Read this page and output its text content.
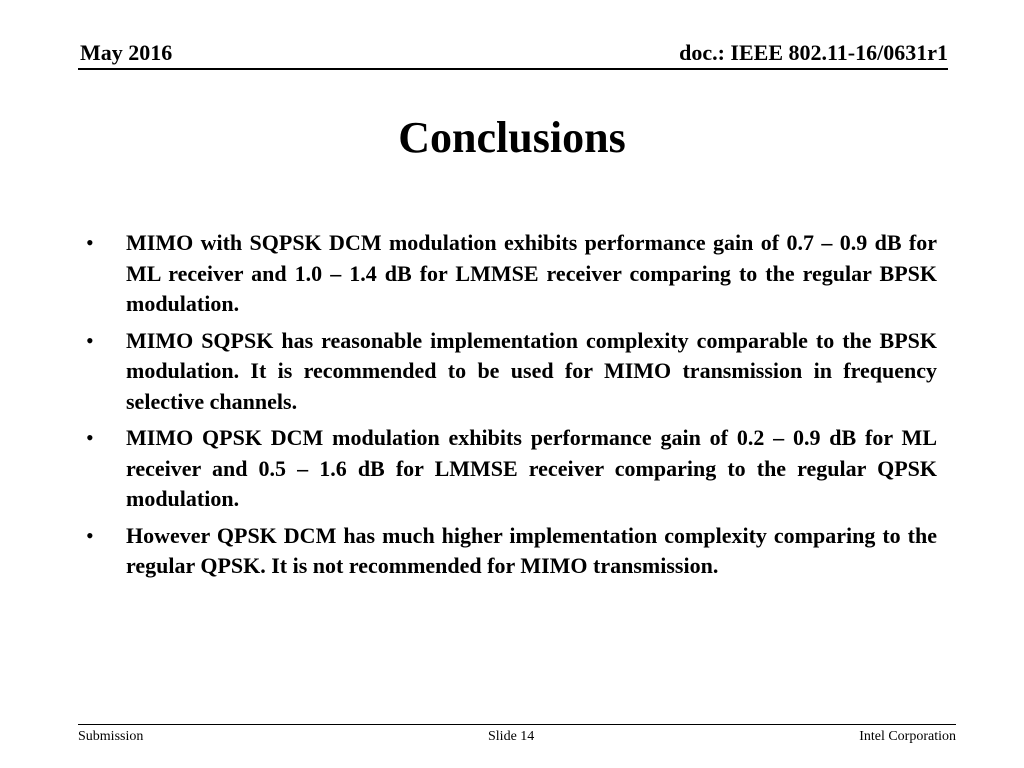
May 2016	doc.: IEEE 802.11-16/0631r1
Conclusions
• MIMO with SQPSK DCM modulation exhibits performance gain of 0.7 – 0.9 dB for ML receiver and 1.0 – 1.4 dB for LMMSE receiver comparing to the regular BPSK modulation.
• MIMO SQPSK has reasonable implementation complexity comparable to the BPSK modulation. It is recommended to be used for MIMO transmission in frequency selective channels.
• MIMO QPSK DCM modulation exhibits performance gain of 0.2 – 0.9 dB for ML receiver and 0.5 – 1.6 dB for LMMSE receiver comparing to the regular QPSK modulation.
• However QPSK DCM has much higher implementation complexity comparing to the regular QPSK. It is not recommended for MIMO transmission.
Submission	Slide 14	Intel Corporation
